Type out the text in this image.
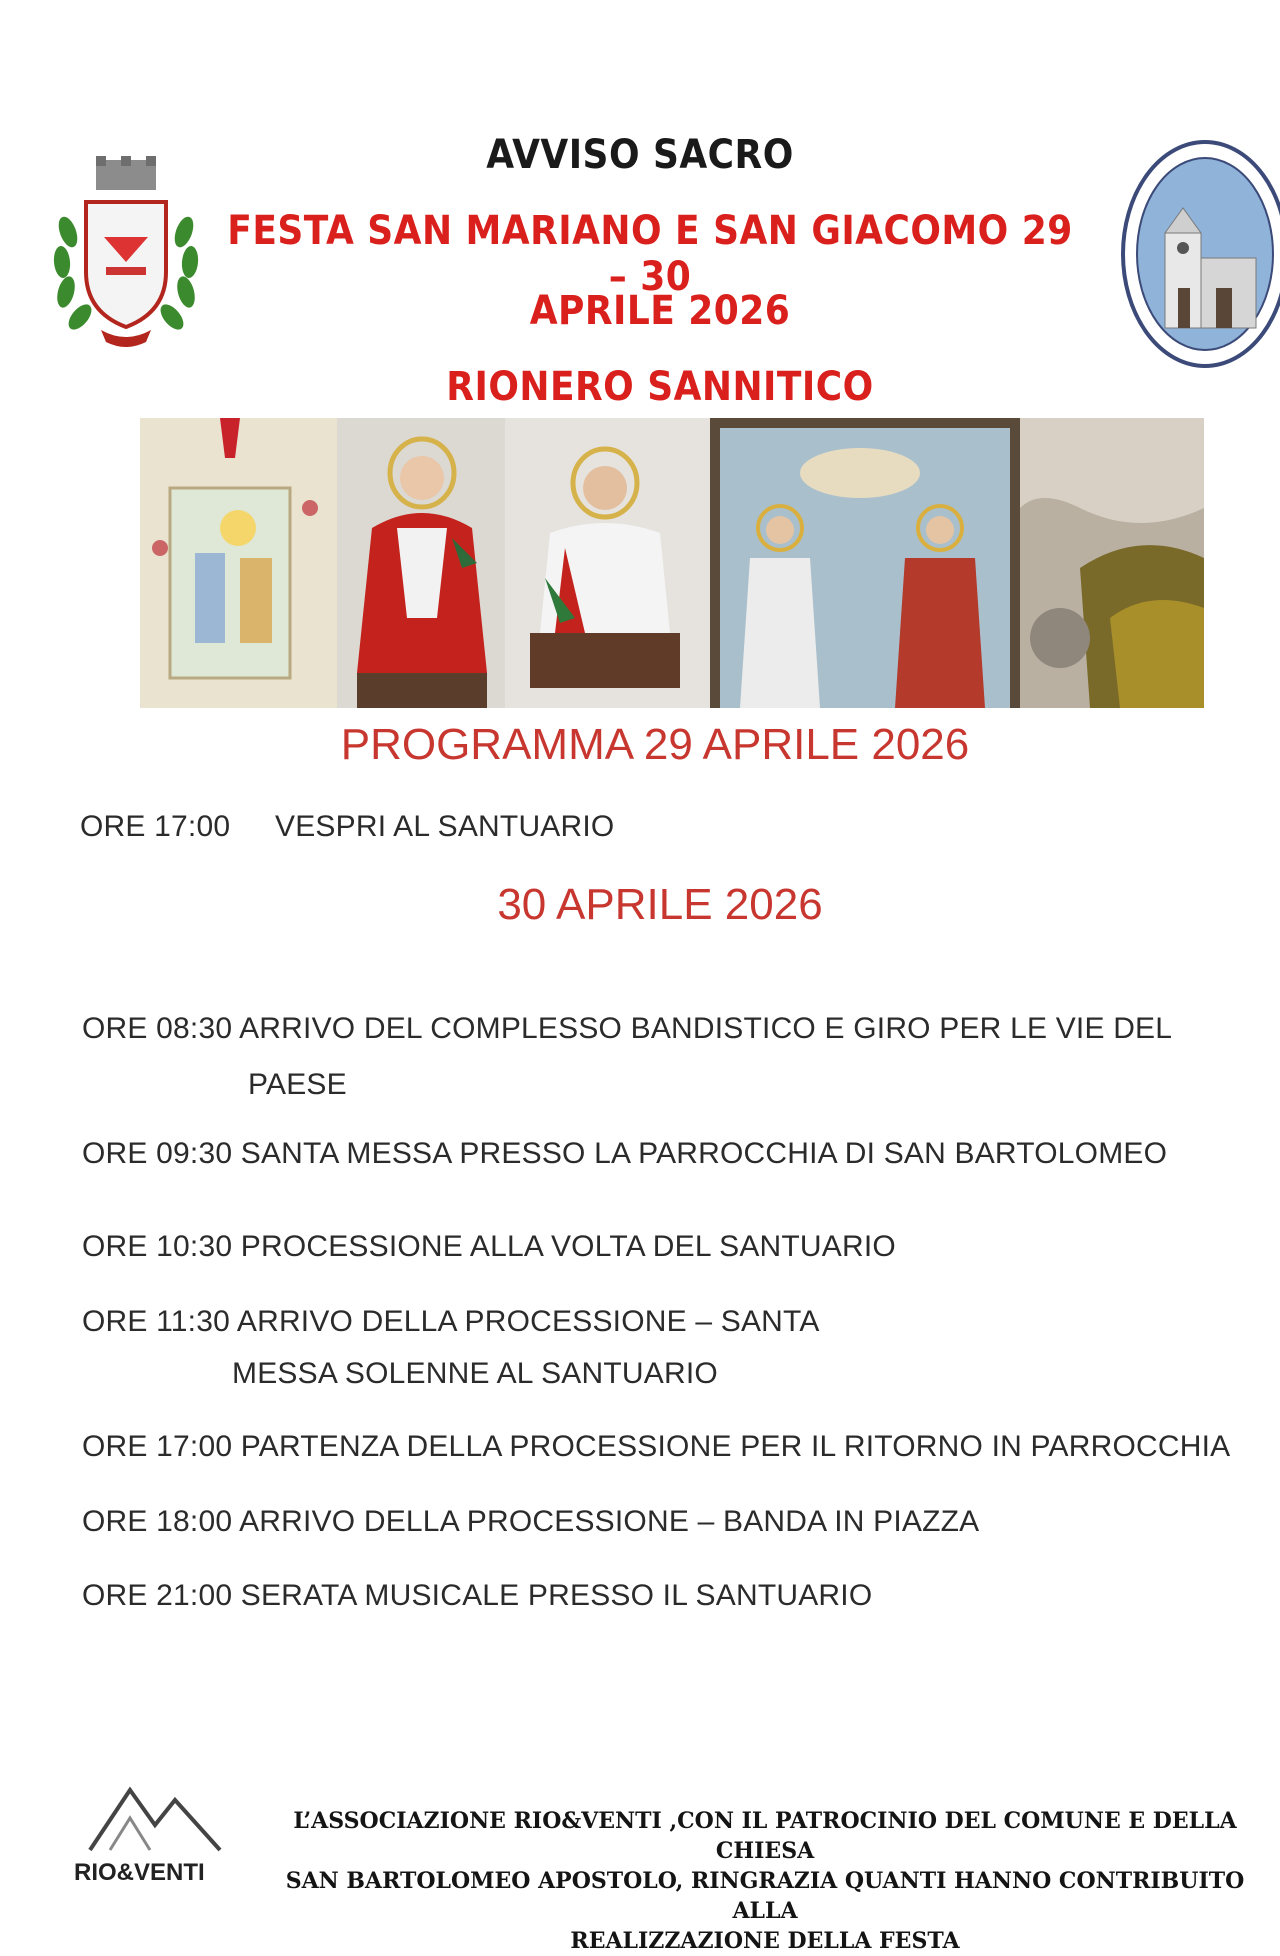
AVVISO SACRO
FESTA SAN MARIANO E SAN GIACOMO 29 – 30
APRILE 2026
RIONERO SANNITICO
PROGRAMMA 29 APRILE 2026
ORE 17:00 VESPRI AL SANTUARIO
30 APRILE 2026
ORE 08:30 ARRIVO DEL COMPLESSO BANDISTICO E GIRO PER LE VIE DEL
PAESE
ORE 09:30 SANTA MESSA PRESSO LA PARROCCHIA DI SAN BARTOLOMEO
ORE 10:30 PROCESSIONE ALLA VOLTA DEL SANTUARIO
ORE 11:30 ARRIVO DELLA PROCESSIONE – SANTA
MESSA SOLENNE AL SANTUARIO
ORE 17:00 PARTENZA DELLA PROCESSIONE PER IL RITORNO IN PARROCCHIA
ORE 18:00 ARRIVO DELLA PROCESSIONE – BANDA IN PIAZZA
ORE 21:00 SERATA MUSICALE PRESSO IL SANTUARIO
RIO&VENTI
L’ASSOCIAZIONE RIO&VENTI ,CON IL PATROCINIO DEL COMUNE E DELLA CHIESA
SAN BARTOLOMEO APOSTOLO, RINGRAZIA QUANTI HANNO CONTRIBUITO ALLA
REALIZZAZIONE DELLA FESTA
